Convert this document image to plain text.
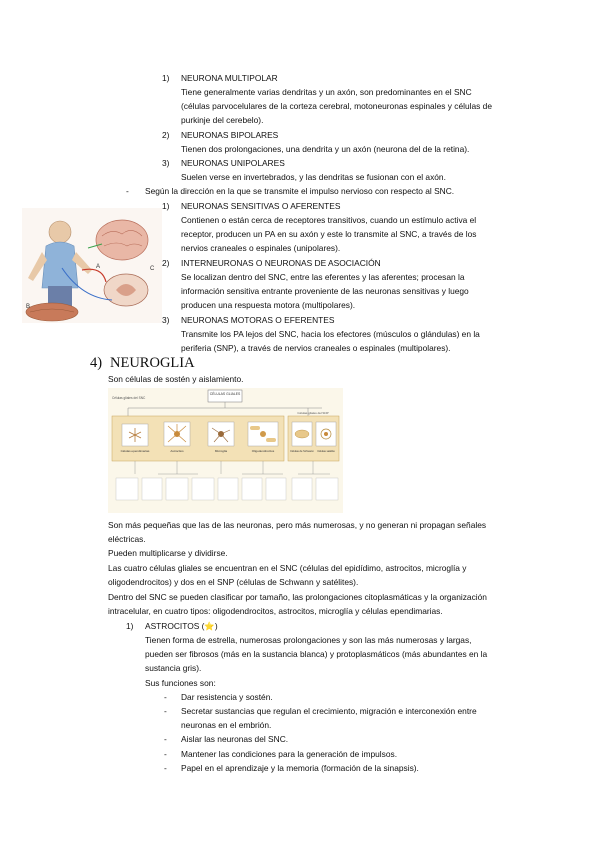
1) NEURONA MULTIPOLAR
Tiene generalmente varias dendritas y un axón, son predominantes en el SNC
(células parvocelulares de la corteza cerebral, motoneuronas espinales y células de
purkinje del cerebelo).
2) NEURONAS BIPOLARES
Tienen dos prolongaciones, una dendrita y un axón (neurona del de la retina).
3) NEURONAS UNIPOLARES
Suelen verse en invertebrados, y las dendritas se fusionan con el axón.
- Según la dirección en la que se transmite el impulso nervioso con respecto al SNC.
1) NEURONAS SENSITIVAS O AFERENTES
Contienen o están cerca de receptores transitivos, cuando un estímulo activa el
receptor, producen un PA en su axón y este lo transmite al SNC, a través de los
nervios craneales o espinales (unipolares).
2) INTERNEURONAS O NEURONAS DE ASOCIACIÓN
Se localizan dentro del SNC, entre las eferentes y las aferentes; procesan la
información sensitiva entrante proveniente de las neuronas sensitivas y luego
producen una respuesta motora (multipolares).
3) NEURONAS MOTORAS O EFERENTES
Transmite los PA lejos del SNC, hacia los efectores (músculos o glándulas) en la
periferia (SNP), a través de nervios craneales o espinales (multipolares).
A
B
C
4) NEUROGLIA
Son células de sostén y aislamiento.
CÉLULAS GLIALES
Células gliales del SNC
Células gliales del SNP
Células ependimarias	Astrocitos	Microglía	Oligodendrocitos	Células de Schwann Células satélite
Son más pequeñas que las de las neuronas, pero más numerosas, y no generan ni propagan señales
eléctricas.
Pueden multiplicarse y dividirse.
Las cuatro células gliales se encuentran en el SNC (células del epidídimo, astrocitos, microglía y
oligodendrocitos) y dos en el SNP (células de Schwann y satélites).
Dentro del SNC se pueden clasificar por tamaño, las prolongaciones citoplasmáticas y la organización
intracelular, en cuatro tipos: oligodendrocitos, astrocitos, microglía y células ependimarias.
1) ASTROCITOS (⭐)
Tienen forma de estrella, numerosas prolongaciones y son las más numerosas y largas,
pueden ser fibrosos (más en la sustancia blanca) y protoplasmáticos (más abundantes en la
sustancia gris).
Sus funciones son:
- Dar resistencia y sostén.
- Secretar sustancias que regulan el crecimiento, migración e interconexión entre
neuronas en el embrión.
- Aislar las neuronas del SNC.
- Mantener las condiciones para la generación de impulsos.
- Papel en el aprendizaje y la memoria (formación de la sinapsis).
